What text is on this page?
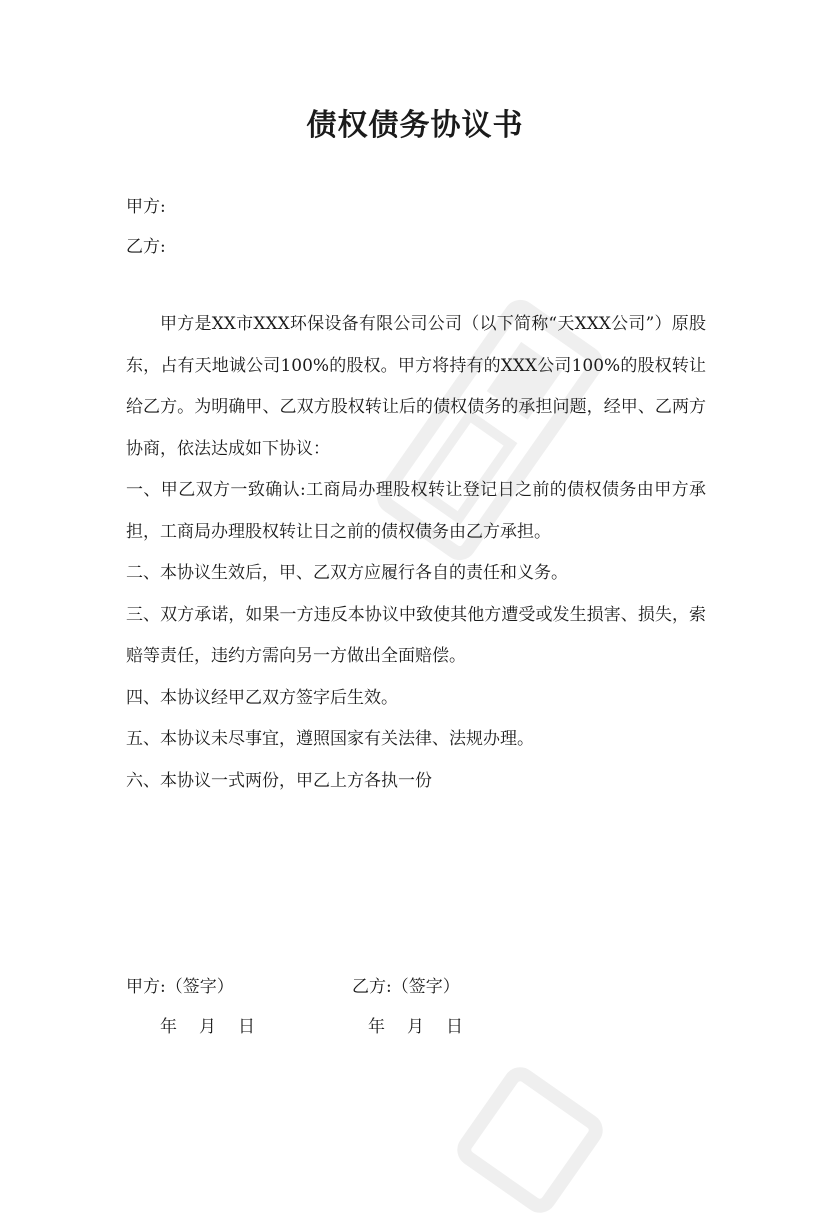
债权债务协议书
甲方:
乙方:

甲方是XX市XXX环保设备有限公司公司（以下简称“天XXX公司”）原股东，占有天地诚公司100%的股权。甲方将持有的XXX公司100%的股权转让给乙方。为明确甲、乙双方股权转让后的债权债务的承担问题，经甲、乙两方协商，依法达成如下协议：

一、甲乙双方一致确认:工商局办理股权转让登记日之前的债权债务由甲方承担，工商局办理股权转让日之前的债权债务由乙方承担。

二、本协议生效后，甲、乙双方应履行各自的责任和义务。

三、双方承诺，如果一方违反本协议中致使其他方遭受或发生损害、损失，索赔等责任，违约方需向另一方做出全面赔偿。

四、本协议经甲乙双方签字后生效。

五、本协议未尽事宜，遵照国家有关法律、法规办理。

六、本协议一式两份，甲乙上方各执一份

甲方:（签字）	乙方:（签字）
年 月 日	年 月 日
